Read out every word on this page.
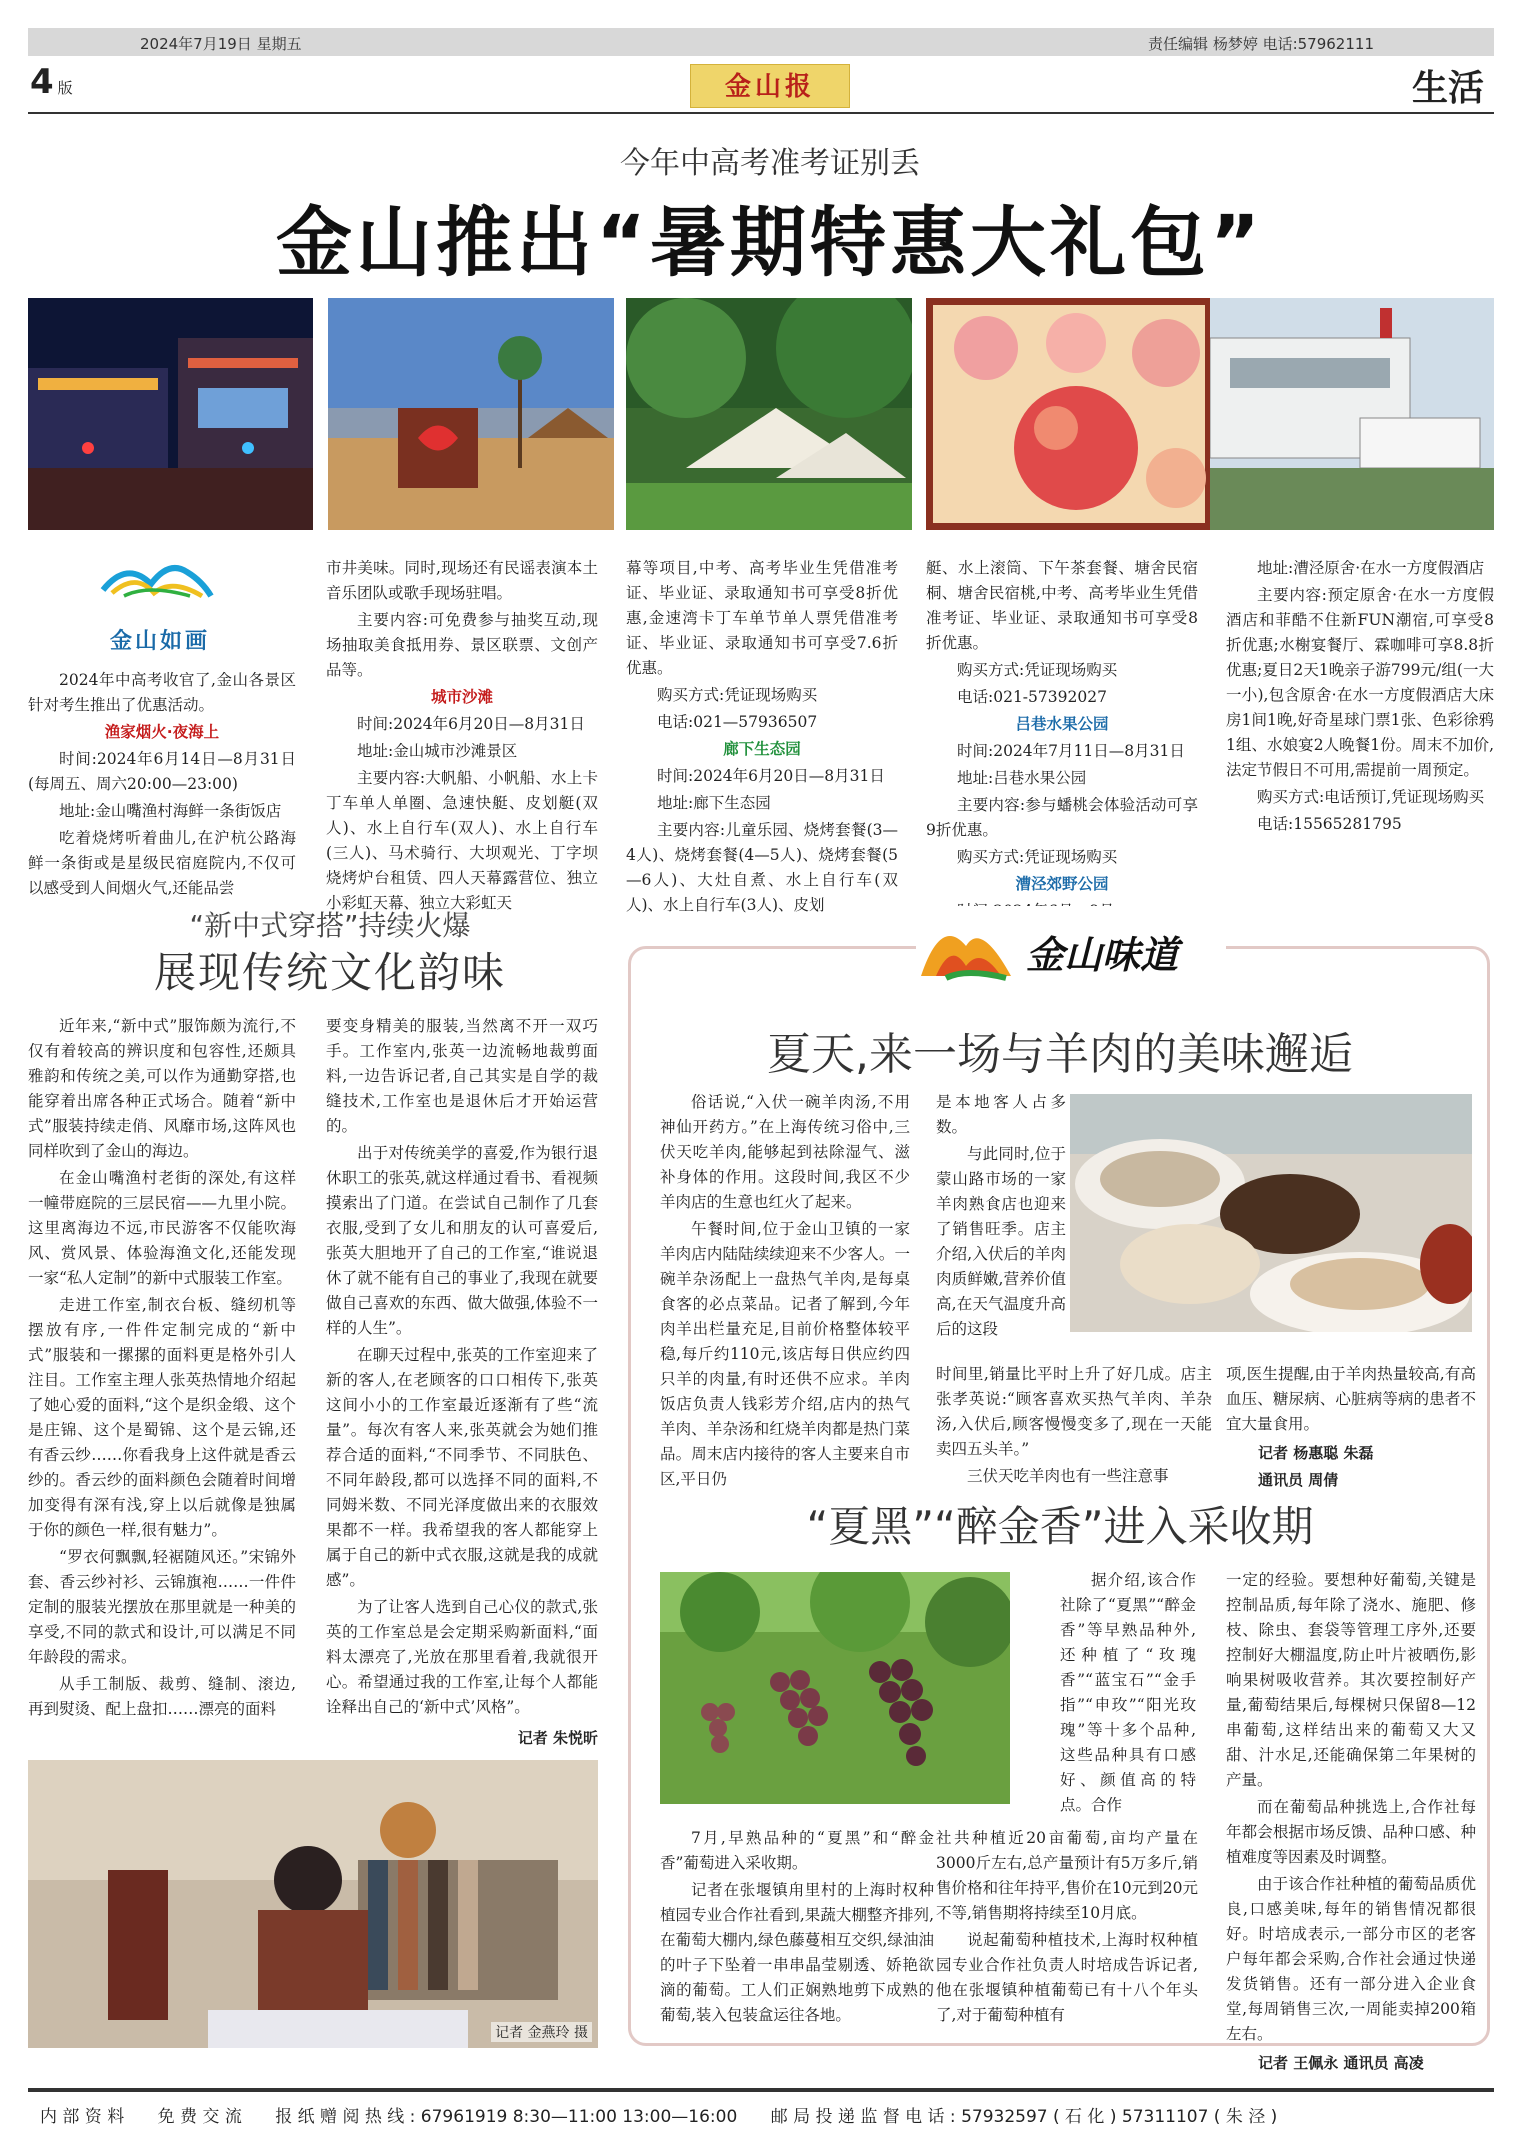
2024年7月19日 星期五	责任编辑 杨梦婷 电话:57962111
4 版	金山报	生活
今年中高考准考证别丢
金山推出“暑期特惠大礼包”
金山如画

2024年中高考收官了,金山各景区针对考生推出了优惠活动。

渔家烟火·夜海上

时间:2024年6月14日—8月31日(每周五、周六20:00—23:00)

地址:金山嘴渔村海鲜一条街饭店

吃着烧烤听着曲儿,在沪杭公路海鲜一条街或是星级民宿庭院内,不仅可以感受到人间烟火气,还能品尝

市井美味。同时,现场还有民谣表演本土音乐团队或歌手现场驻唱。

主要内容:可免费参与抽奖互动,现场抽取美食抵用券、景区联票、文创产品等。

城市沙滩

时间:2024年6月20日—8月31日

地址:金山城市沙滩景区

主要内容:大帆船、小帆船、水上卡丁车单人单圈、急速快艇、皮划艇(双人)、水上自行车(双人)、水上自行车(三人)、马术骑行、大坝观光、丁字坝烧烤炉台租赁、四人天幕露营位、独立小彩虹天幕、独立大彩虹天

幕等项目,中考、高考毕业生凭借准考证、毕业证、录取通知书可享受8折优惠,金速湾卡丁车单节单人票凭借准考证、毕业证、录取通知书可享受7.6折优惠。

购买方式:凭证现场购买

电话:021—57936507

廊下生态园

时间:2024年6月20日—8月31日

地址:廊下生态园

主要内容:儿童乐园、烧烤套餐(3—4人)、烧烤套餐(4—5人)、烧烤套餐(5—6人)、大灶自煮、水上自行车(双人)、水上自行车(3人)、皮划

艇、水上滚筒、下午茶套餐、塘舍民宿桐、塘舍民宿桃,中考、高考毕业生凭借准考证、毕业证、录取通知书可享受8折优惠。

购买方式:凭证现场购买

电话:021-57392027

吕巷水果公园

时间:2024年7月11日—8月31日

地址:吕巷水果公园

主要内容:参与蟠桃会体验活动可享9折优惠。

购买方式:凭证现场购买

漕泾郊野公园

地址:漕泾原舍·在水一方度假酒店

主要内容:预定原舍·在水一方度假酒店和菲酷不住新FUN潮宿,可享受8折优惠;水榭宴餐厅、霖咖啡可享8.8折优惠;夏日2天1晚亲子游799元/组(一大一小),包含原舍·在水一方度假酒店大床房1间1晚,好奇星球门票1张、色彩徐鸦1组、水娘宴2人晚餐1份。周末不加价,法定节假日不可用,需提前一周预定。

购买方式:电话预订,凭证现场购买

电话:15565281795

“新中式穿搭”持续火爆
展现传统文化韵味

近年来,“新中式”服饰颇为流行,不仅有着较高的辨识度和包容性,还颇具雅韵和传统之美,可以作为通勤穿搭,也能穿着出席各种正式场合。随着“新中式”服装持续走俏、风靡市场,这阵风也同样吹到了金山的海边。

在金山嘴渔村老街的深处,有这样一幢带庭院的三层民宿——九里小院。这里离海边不远,市民游客不仅能吹海风、赏风景、体验海渔文化,还能发现一家“私人定制”的新中式服装工作室。

走进工作室,制衣台板、缝纫机等摆放有序,一件件定制完成的“新中式”服装和一摞摞的面料更是格外引人注目。工作室主理人张英热情地介绍起了她心爱的面料,“这个是织金缎、这个是庄锦、这个是蜀锦、这个是云锦,还有香云纱……你看我身上这件就是香云纱的。香云纱的面料颜色会随着时间增加变得有深有浅,穿上以后就像是独属于你的颜色一样,很有魅力”。

“罗衣何飘飘,轻裾随风还。”宋锦外套、香云纱衬衫、云锦旗袍……一件件定制的服装光摆放在那里就是一种美的享受,不同的款式和设计,可以满足不同年龄段的需求。

从手工制版、裁剪、缝制、滚边,再到熨烫、配上盘扣……漂亮的面料

要变身精美的服装,当然离不开一双巧手。工作室内,张英一边流畅地裁剪面料,一边告诉记者,自己其实是自学的裁缝技术,工作室也是退休后才开始运营的。

出于对传统美学的喜爱,作为银行退休职工的张英,就这样通过看书、看视频摸索出了门道。在尝试自己制作了几套衣服,受到了女儿和朋友的认可喜爱后,张英大胆地开了自己的工作室,“谁说退休了就不能有自己的事业了,我现在就要做自己喜欢的东西、做大做强,体验不一样的人生”。

在聊天过程中,张英的工作室迎来了新的客人,在老顾客的口口相传下,张英这间小小的工作室最近逐渐有了些“流量”。每次有客人来,张英就会为她们推荐合适的面料,“不同季节、不同肤色、不同年龄段,都可以选择不同的面料,不同姆米数、不同光泽度做出来的衣服效果都不一样。我希望我的客人都能穿上属于自己的新中式衣服,这就是我的成就感”。

为了让客人选到自己心仪的款式,张英的工作室总是会定期采购新面料,“面料太漂亮了,光放在那里看着,我就很开心。希望通过我的工作室,让每个人都能诠释出自己的‘新中式’风格”。

记者 朱悦昕

记者 金燕玲 摄
金山味道
夏天,来一场与羊肉的美味邂逅

俗话说,“入伏一碗羊肉汤,不用神仙开药方。”在上海传统习俗中,三伏天吃羊肉,能够起到祛除湿气、滋补身体的作用。这段时间,我区不少羊肉店的生意也红火了起来。

午餐时间,位于金山卫镇的一家羊肉店内陆陆续续迎来不少客人。一碗羊杂汤配上一盘热气羊肉,是每桌食客的必点菜品。记者了解到,今年肉羊出栏量充足,目前价格整体较平稳,每斤约110元,该店每日供应约四只羊的肉量,有时还供不应求。羊肉饭店负责人钱彩芳介绍,店内的热气羊肉、羊杂汤和红烧羊肉都是热门菜品。周末店内接待的客人主要来自市区,平日仍

是本地客人占多数。

与此同时,位于蒙山路市场的一家羊肉熟食店也迎来了销售旺季。店主介绍,入伏后的羊肉肉质鲜嫩,营养价值高,在天气温度升高后的这段

时间里,销量比平时上升了好几成。店主张孝英说:“顾客喜欢买热气羊肉、羊杂汤,入伏后,顾客慢慢变多了,现在一天能卖四五头羊。”

三伏天吃羊肉也有一些注意事

项,医生提醒,由于羊肉热量较高,有高血压、糖尿病、心脏病等病的患者不宜大量食用。

记者 杨惠聪 朱磊

通讯员 周倩

“夏黑”“醉金香”进入采收期

7月,早熟品种的“夏黑”和“醉金香”葡萄进入采收期。

记者在张堰镇甪里村的上海时权种植园专业合作社看到,果蔬大棚整齐排列,在葡萄大棚内,绿色藤蔓相互交织,绿油油的叶子下坠着一串串晶莹剔透、娇艳欲滴的葡萄。工人们正娴熟地剪下成熟的葡萄,装入包装盒运往各地。

据介绍,该合作社除了“夏黑”“醉金香”等早熟品种外,还种植了“玫瑰香”“蓝宝石”“金手指”“申玫”“阳光玫瑰”等十多个品种,这些品种具有口感好、颜值高的特点。合作

社共种植近20亩葡萄,亩均产量在3000斤左右,总产量预计有5万多斤,销售价格和往年持平,售价在10元到20元不等,销售期将持续至10月底。

说起葡萄种植技术,上海时权种植园专业合作社负责人时培成告诉记者,他在张堰镇种植葡萄已有十八个年头了,对于葡萄种植有

一定的经验。要想种好葡萄,关键是控制品质,每年除了浇水、施肥、修枝、除虫、套袋等管理工序外,还要控制好大棚温度,防止叶片被晒伤,影响果树吸收营养。其次要控制好产量,葡萄结果后,每棵树只保留8—12串葡萄,这样结出来的葡萄又大又甜、汁水足,还能确保第二年果树的产量。

而在葡萄品种挑选上,合作社每年都会根据市场反馈、品种口感、种植难度等因素及时调整。

由于该合作社种植的葡萄品质优良,口感美味,每年的销售情况都很好。时培成表示,一部分市区的老客户每年都会采购,合作社会通过快递发货销售。还有一部分进入企业食堂,每周销售三次,一周能卖掉200箱左右。

记者 王佩永 通讯员 高凌

内 部 资 料 免 费 交 流 报 纸 赠 阅 热 线 : 67961919 8:30—11:00 13:00—16:00 邮 局 投 递 监 督 电 话 : 57932597 ( 石 化 ) 57311107 ( 朱 泾 )
